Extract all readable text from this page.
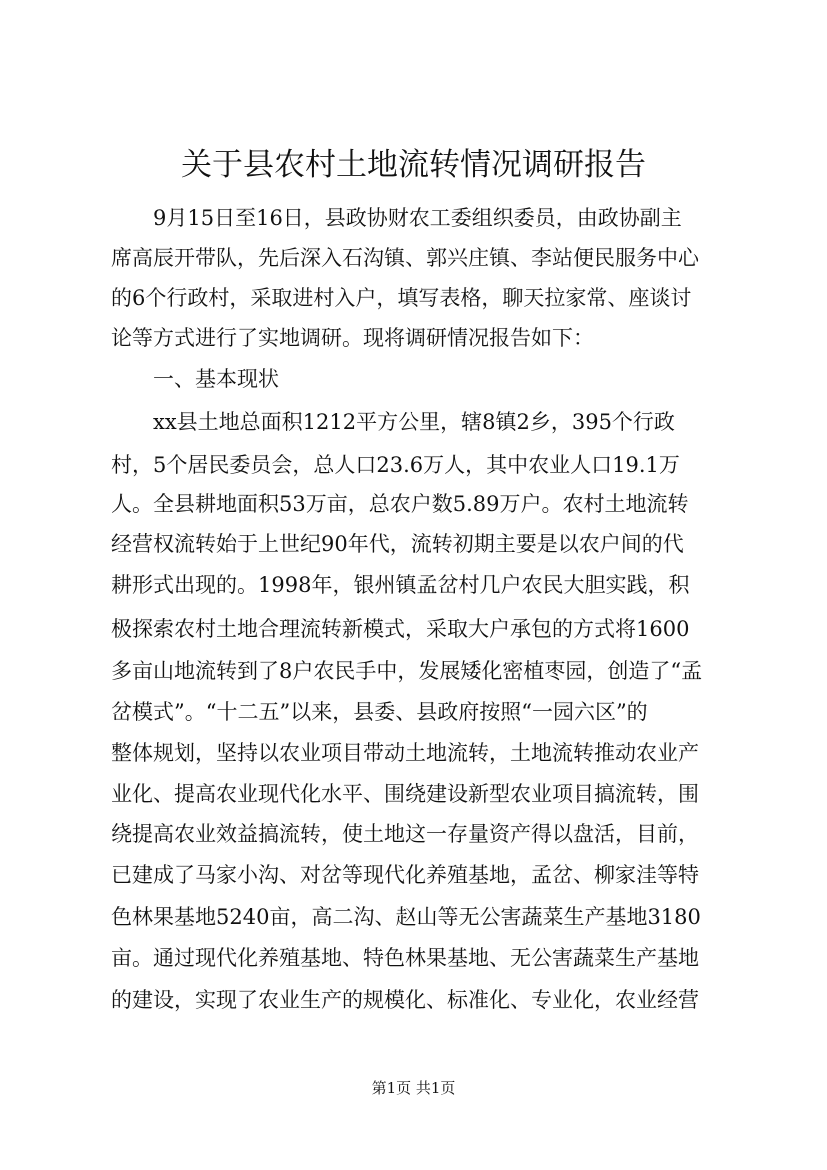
关于县农村土地流转情况调研报告

　　9月15日至16日，县政协财农工委组织委员，由政协副主

席高辰开带队，先后深入石沟镇、郭兴庄镇、李站便民服务中心

的6个行政村，采取进村入户，填写表格，聊天拉家常、座谈讨

论等方式进行了实地调研。现将调研情况报告如下：

　　一、基本现状

　　xx县土地总面积1212平方公里，辖8镇2乡，395个行政

村，5个居民委员会，总人口23.6万人，其中农业人口19.1万

人。全县耕地面积53万亩，总农户数5.89万户。农村土地流转

经营权流转始于上世纪90年代，流转初期主要是以农户间的代

耕形式出现的。1998年，银州镇孟岔村几户农民大胆实践，积

极探索农村土地合理流转新模式，采取大户承包的方式将1600

多亩山地流转到了8户农民手中，发展矮化密植枣园，创造了“孟

岔模式”。“十二五”以来，县委、县政府按照“一园六区”的

整体规划，坚持以农业项目带动土地流转，土地流转推动农业产

业化、提高农业现代化水平、围绕建设新型农业项目搞流转，围

绕提高农业效益搞流转，使土地这一存量资产得以盘活，目前，

已建成了马家小沟、对岔等现代化养殖基地，孟岔、柳家洼等特

色林果基地5240亩，高二沟、赵山等无公害蔬菜生产基地3180

亩。通过现代化养殖基地、特色林果基地、无公害蔬菜生产基地

的建设，实现了农业生产的规模化、标准化、专业化，农业经营

第1页 共1页
